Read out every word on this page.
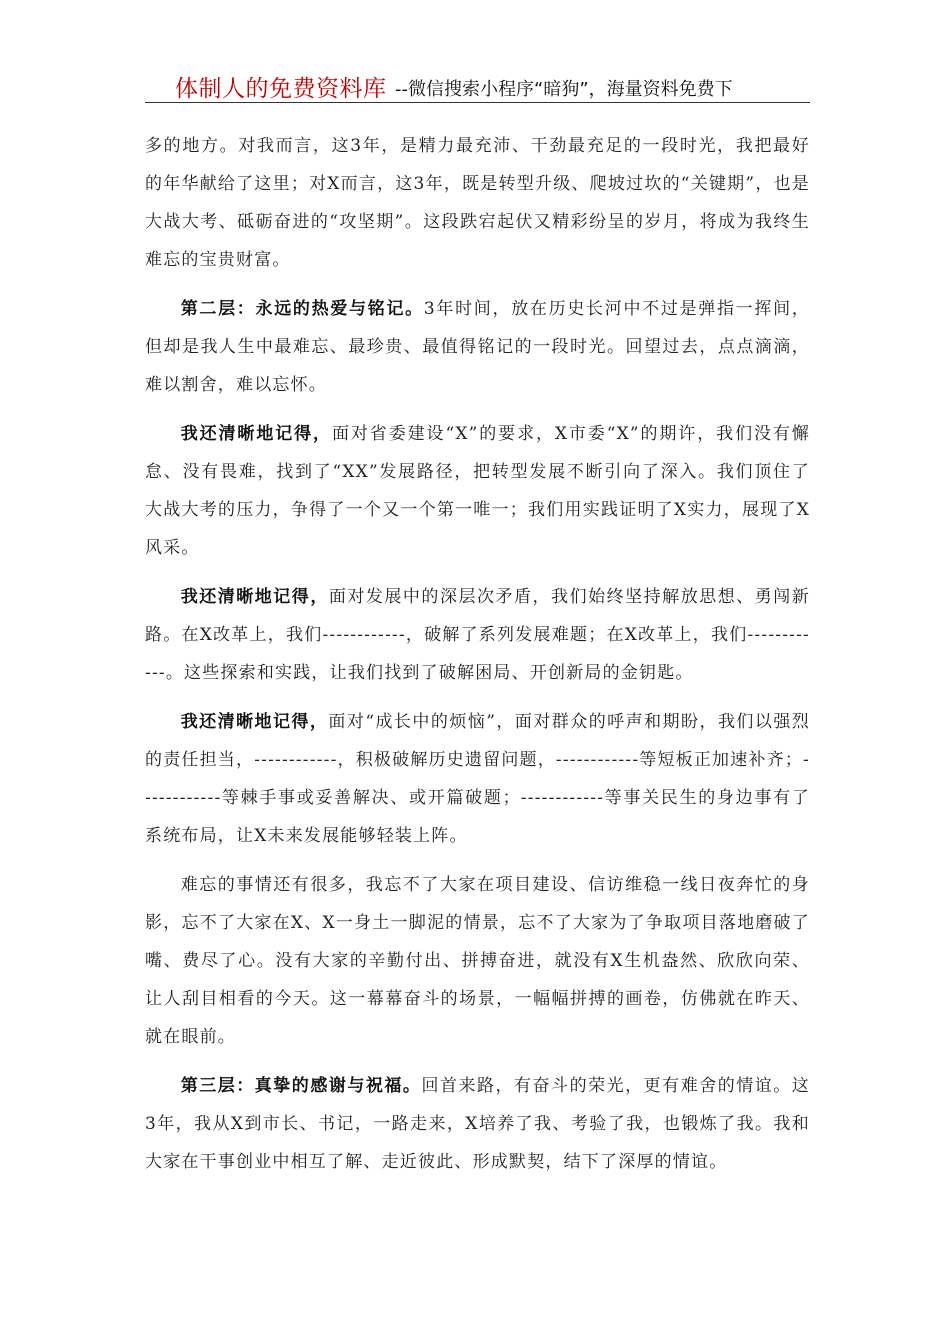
体制人的免费资料库 --微信搜索小程序“暗狗”，海量资料免费下

多的地方。对我而言，这3年，是精力最充沛、干劲最充足的一段时光，我把最好的年华献给了这里；对X而言，这3年，既是转型升级、爬坡过坎的“关键期”，也是大战大考、砥砺奋进的“攻坚期”。这段跌宕起伏又精彩纷呈的岁月，将成为我终生难忘的宝贵财富。

第二层：永远的热爱与铭记。3年时间，放在历史长河中不过是弹指一挥间，但却是我人生中最难忘、最珍贵、最值得铭记的一段时光。回望过去，点点滴滴，难以割舍，难以忘怀。

我还清晰地记得，面对省委建设“X”的要求，X市委“X”的期许，我们没有懈怠、没有畏难，找到了“XX”发展路径，把转型发展不断引向了深入。我们顶住了大战大考的压力，争得了一个又一个第一唯一；我们用实践证明了X实力，展现了X风采。

我还清晰地记得，面对发展中的深层次矛盾，我们始终坚持解放思想、勇闯新路。在X改革上，我们------------，破解了系列发展难题；在X改革上，我们------------。这些探索和实践，让我们找到了破解困局、开创新局的金钥匙。

我还清晰地记得，面对“成长中的烦恼”，面对群众的呼声和期盼，我们以强烈的责任担当，------------，积极破解历史遗留问题，------------等短板正加速补齐；------------等棘手事或妥善解决、或开篇破题；------------等事关民生的身边事有了系统布局，让X未来发展能够轻装上阵。

难忘的事情还有很多，我忘不了大家在项目建设、信访维稳一线日夜奔忙的身影，忘不了大家在X、X一身土一脚泥的情景，忘不了大家为了争取项目落地磨破了嘴、费尽了心。没有大家的辛勤付出、拼搏奋进，就没有X生机盎然、欣欣向荣、让人刮目相看的今天。这一幕幕奋斗的场景，一幅幅拼搏的画卷，仿佛就在昨天、就在眼前。

第三层：真挚的感谢与祝福。回首来路，有奋斗的荣光，更有难舍的情谊。这3年，我从X到市长、书记，一路走来，X培养了我、考验了我，也锻炼了我。我和大家在干事创业中相互了解、走近彼此、形成默契，结下了深厚的情谊。
